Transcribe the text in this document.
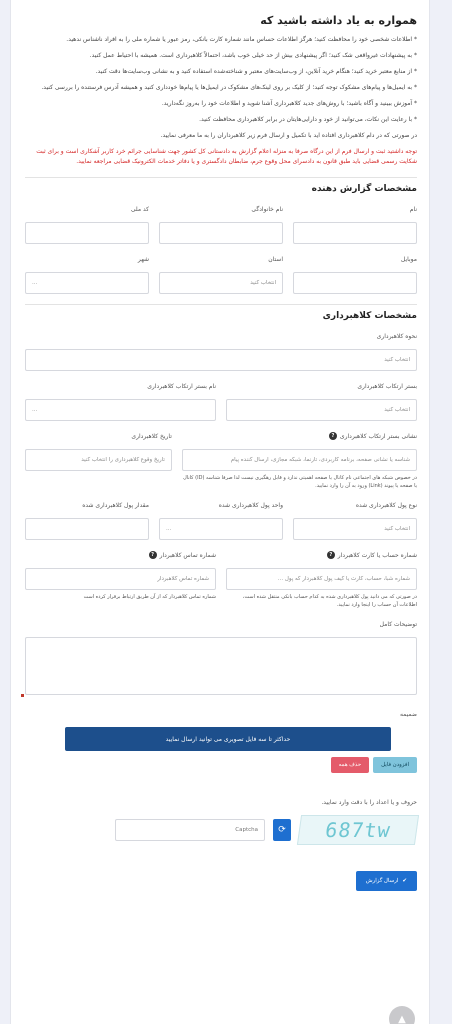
همواره به یاد داشته باشید که
* اطلاعات شخصی خود را محافظت کنید؛ هرگز اطلاعات حساس مانند شماره کارت بانکی، رمز عبور یا شماره ملی را به افراد ناشناس ندهید.
* به پیشنهادات غیرواقعی شک کنید؛ اگر پیشنهادی بیش از حد خیلی خوب باشد، احتمالاً کلاهبرداری است. همیشه با احتیاط عمل کنید.
* از منابع معتبر خرید کنید؛ هنگام خرید آنلاین، از وب‌سایت‌های معتبر و شناخته‌شده استفاده کنید و به نشانی وب‌سایت‌ها دقت کنید.
* به ایمیل‌ها و پیام‌های مشکوک توجه کنید؛ از کلیک بر روی لینک‌های مشکوک در ایمیل‌ها یا پیام‌ها خودداری کنید و همیشه آدرس فرستنده را بررسی کنید.
* آموزش ببینید و آگاه باشید؛ با روش‌های جدید کلاهبرداری آشنا شوید و اطلاعات خود را به‌روز نگه‌دارید.
* با رعایت این نکات، می‌توانید از خود و دارایی‌هایتان در برابر کلاهبرداری محافظت کنید.
در صورتی که در دام کلاهبرداری افتاده اید با تکمیل و ارسال فرم زیر کلاهبرداران را به ما معرفی نمایید.
توجه داشتید ثبت و ارسال فرم از این درگاه صرفا به منزله اعلام گزارش به دادستانی کل کشور جهت شناسایی جرائم خرد کاربر آشکاری است و برای ثبت شکایت رسمی قضایی باید طبق قانون به دادسرای محل وقوع جرم، ضابطان دادگستری و یا دفاتر خدمات الکترونیک قضایی مراجعه نمایید.
مشخصات گزارش دهنده
نام
نام خانوادگی
کد ملی
موبایل
استان
انتخاب کنید
شهر
...
مشخصات کلاهبرداری
نحوه کلاهبرداری
انتخاب کنید
بستر ارتکاب کلاهبرداری
انتخاب کنید
نام بستر ارتکاب کلاهبرداری
...
نشانی بستر ارتکاب کلاهبرداری
?
شناسه یا نشانی صفحه، برنامه کاربردی، تارنما، شبکه مجازی، ارسال کننده پیام
در خصوص شبکه های اجتماعی نام کانال یا صفحه اهمیتی ندارد و قابل رهگیری نیست لذا صرفا شناسه (ID) کانال یا صفحه یا پیوند (Link) ورود به آن را وارد نمایید.
تاریخ کلاهبرداری
تاریخ وقوع کلاهبرداری را انتخاب کنید
نوع پول کلاهبرداری شده
انتخاب کنید
واحد پول کلاهبرداری شده
...
مقدار پول کلاهبرداری شده
شماره حساب یا کارت کلاهبردار
?
شماره شبا، حساب، کارت یا کیف پول کلاهبردار که پول ...
در صورتی که می دانید پول کلاهبرداری شده به کدام حساب بانکی منتقل شده است، اطلاعات آن حساب را اینجا وارد نمایید.
شماره تماس کلاهبردار
?
شماره تماس کلاهبردار
شماره تماس کلاهبردار که از آن طریق ارتباط برقرار کرده است
توضیحات کامل
ضمیمه
حداکثر تا سه فایل تصویری می توانید ارسال نمایید
افزودن فایل
حذف همه
حروف و یا اعداد را با دقت وارد نمایید.
687tw
⟳
Captcha
✔
ارسال گزارش
▲
